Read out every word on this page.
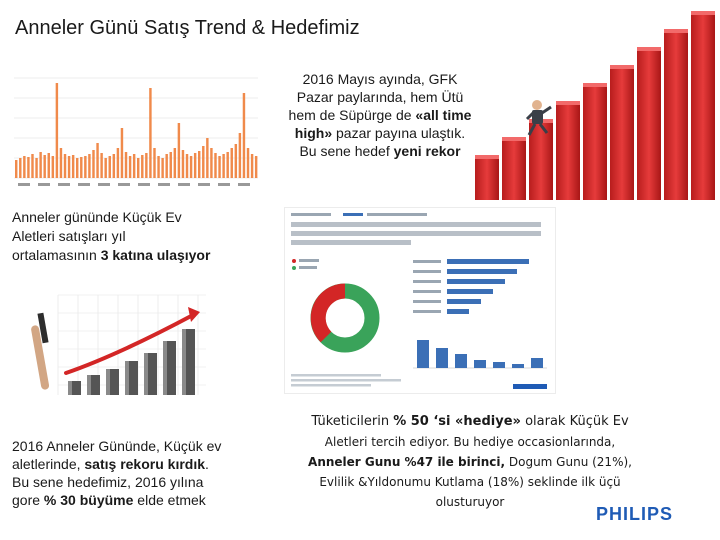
Anneler Günü Satış Trend & Hedefimiz
2016 Mayıs ayında, GFK
Pazar paylarında, hem Ütü
hem de Süpürge de «all time
high» pazar payına ulaştık.
Bu sene hedef yeni rekor
Anneler gününde Küçük Ev
Aletleri satışları yıl
ortalamasının 3 katına ulaşıyor
2016 Anneler Gününde, Küçük ev
aletlerinde, satış rekoru kırdık.
Bu sene hedefimiz, 2016 yılına
gore % 30 büyüme elde etmek
Tüketicilerin % 50 ‘si «hediye» olarak Küçük Ev
Aletleri tercih ediyor. Bu hediye occasionlarında,
Anneler Gunu %47 ile birinci, Dogum Gunu (21%),
Evlilik &Yıldonumu Kutlama (18%) seklinde ilk üçü
olusturuyor
PHILIPS
